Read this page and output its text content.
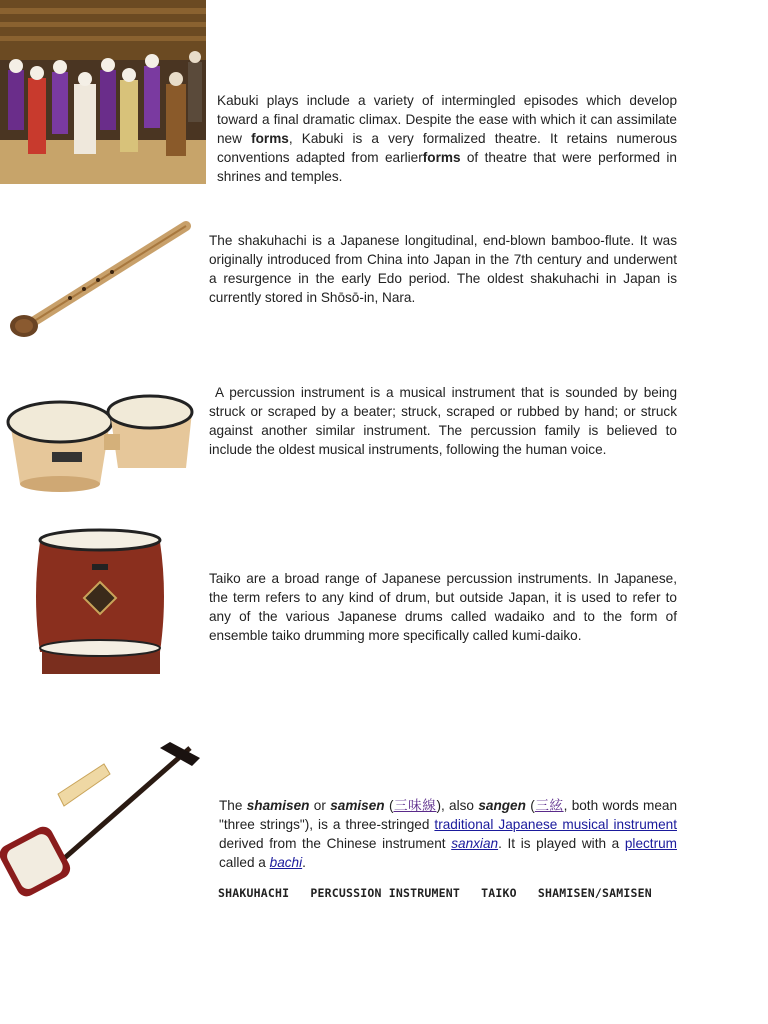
Kabuki plays include a variety of intermingled episodes which develop toward a final dramatic climax. Despite the ease with which it can assimilate new forms, Kabuki is a very formalized theatre. It retains numerous conventions adapted from earlierforms of theatre that were performed in shrines and temples.
The shakuhachi is a Japanese longitudinal, end-blown bamboo-flute. It was originally introduced from China into Japan in the 7th century and underwent a resurgence in the early Edo period. The oldest shakuhachi in Japan is currently stored in Shōsō-in, Nara.
A percussion instrument is a musical instrument that is sounded by being struck or scraped by a beater; struck, scraped or rubbed by hand; or struck against another similar instrument. The percussion family is believed to include the oldest musical instruments, following the human voice.
Taiko are a broad range of Japanese percussion instruments. In Japanese, the term refers to any kind of drum, but outside Japan, it is used to refer to any of the various Japanese drums called wadaiko and to the form of ensemble taiko drumming more specifically called kumi-daiko.
The shamisen or samisen (三味線), also sangen (三絃, both words mean "three strings"), is a three-stringed traditional Japanese musical instrument derived from the Chinese instrument sanxian. It is played with a plectrum called a bachi.
SHAKUHACHI PERCUSSION INSTRUMENT TAIKO SHAMISEN/SAMISEN
